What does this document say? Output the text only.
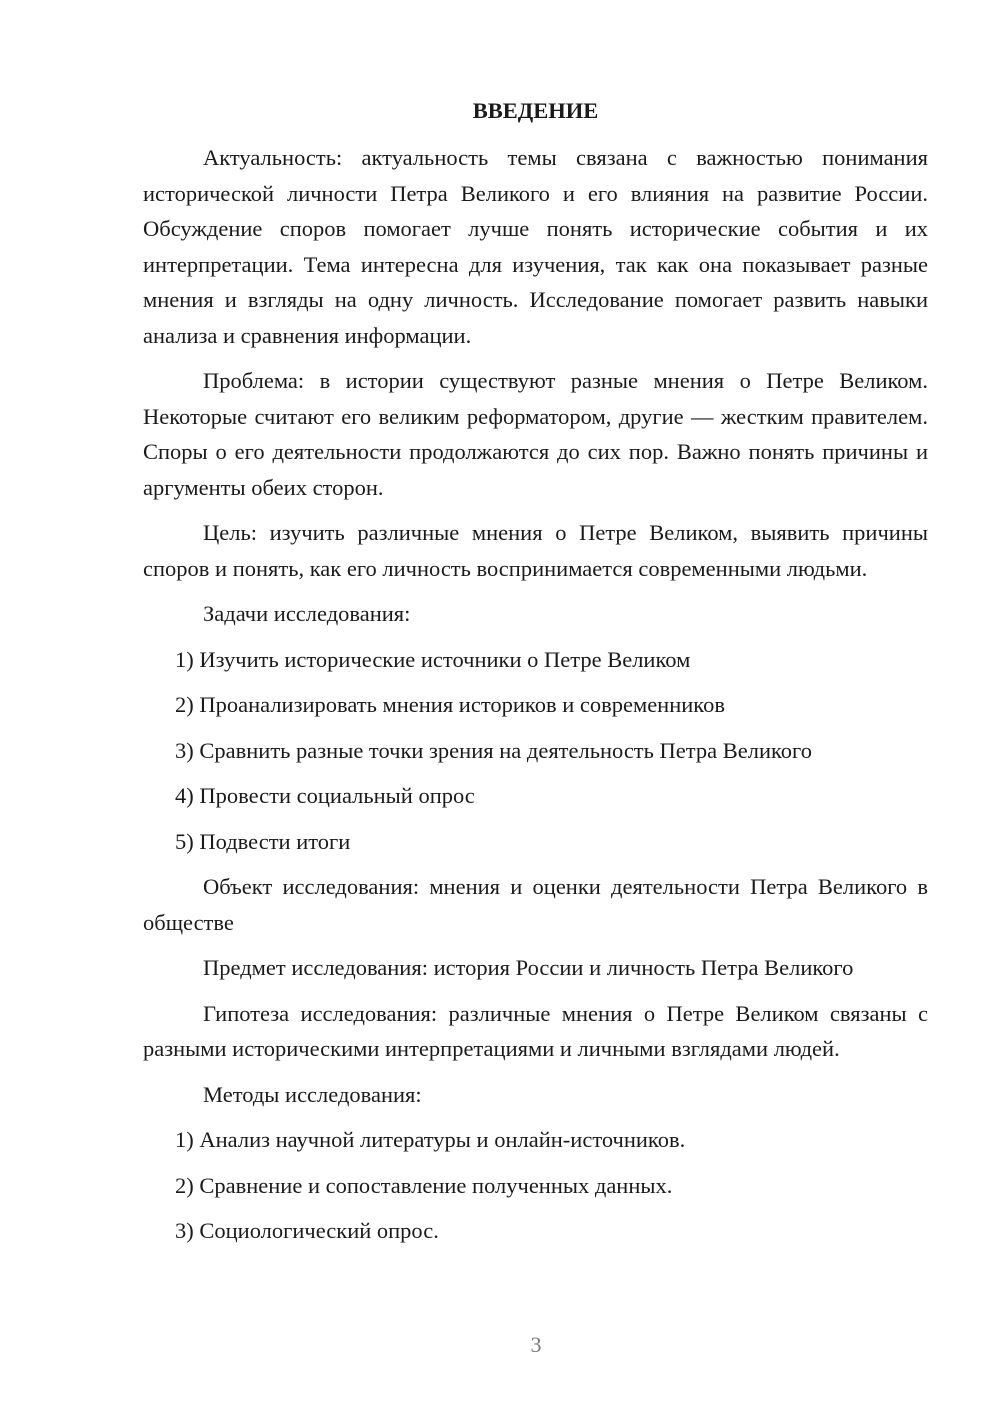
ВВЕДЕНИЕ

Актуальность: актуальность темы связана с важностью понимания исторической личности Петра Великого и его влияния на развитие России. Обсуждение споров помогает лучше понять исторические события и их интерпретации. Тема интересна для изучения, так как она показывает разные мнения и взгляды на одну личность. Исследование помогает развить навыки анализа и сравнения информации.

Проблема: в истории существуют разные мнения о Петре Великом. Некоторые считают его великим реформатором, другие — жестким правителем. Споры о его деятельности продолжаются до сих пор. Важно понять причины и аргументы обеих сторон.

Цель: изучить различные мнения о Петре Великом, выявить причины споров и понять, как его личность воспринимается современными людьми.

Задачи исследования:

1) Изучить исторические источники о Петре Великом
2) Проанализировать мнения историков и современников
3) Сравнить разные точки зрения на деятельность Петра Великого
4) Провести социальный опрос
5) Подвести итоги

Объект исследования: мнения и оценки деятельности Петра Великого в обществе

Предмет исследования: история России и личность Петра Великого

Гипотеза исследования: различные мнения о Петре Великом связаны с разными историческими интерпретациями и личными взглядами людей.

Методы исследования:

1) Анализ научной литературы и онлайн-источников.
2) Сравнение и сопоставление полученных данных.
3) Социологический опрос.
3
